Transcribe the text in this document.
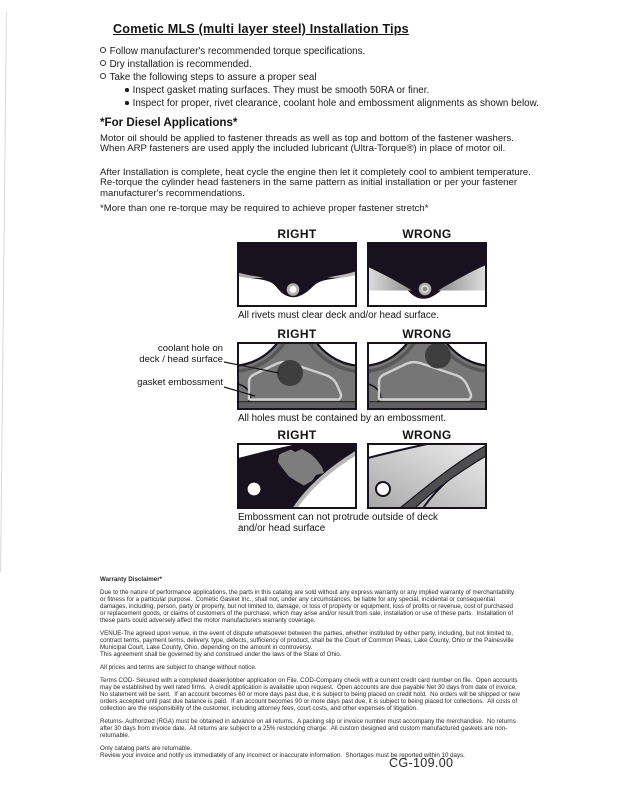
Cometic MLS (multi layer steel) Installation Tips
Follow manufacturer's recommended torque specifications.
Dry installation is recommended.
Take the following steps to assure a proper seal
Inspect gasket mating surfaces. They must be smooth 50RA or finer.
Inspect for proper, rivet clearance, coolant hole and embossment alignments as shown below.
*For Diesel Applications*
Motor oil should be applied to fastener threads as well as top and bottom of the fastener washers. When ARP fasteners are used apply the included lubricant (Ultra-Torque®) in place of motor oil.
After Installation is complete, heat cycle the engine then let it completely cool to ambient temperature. Re-torque the cylinder head fasteners in the same pattern as initial installation or per your fastener manufacturer's recommendations.
*More than one re-torque may be required to achieve proper fastener stretch*
RIGHT	WRONG
All rivets must clear deck and/or head surface.
RIGHT	WRONG
coolant hole on
deck / head surface
gasket embossment
All holes must be contained by an embossment.
RIGHT	WRONG
Embossment can not protrude outside of deck
and/or head surface

Warranty Disclaimer*

Due to the nature of performance applications, the parts in this catalog are sold without any express warranty or any implied warranty of merchantability or fitness for a particular purpose.  Cometic Gasket Inc., shall not, under any circumstances, be liable for any special, incidental or consequential damages, including, person, party or property, but not limited to, damage, or loss of property or equipment, loss of profits or revenue, cost of purchased or replacement goods, or claims of customers of the purchase, which may arise and/or result from sale, installation or use of these parts.  Installation of these parts could adversely affect the motor manufacturers warranty coverage.

VENUE-The agreed upon venue, in the event of dispute whatsoever between the parties, whether instituted by either party, including, but not limited to, contract terms, payment terms, delivery, type, defects, sufficiency of product, shall be the Court of Common Pleas, Lake County, Ohio or the Painesville Municipal Court, Lake County, Ohio, depending on the amount in controversy.

This agreement shall be governed by and construed under the laws of the State of Ohio.

All prices and terms are subject to change without notice.

Terms COD- Secured with a completed dealer/jobber application on File, COD-Company check with a current credit card number on file.  Open accounts may be established by well rated firms.  A credit application is available upon request.  Open accounts are due payable Net 30 days from date of invoice.  No statement will be sent.  If an account becomes 60 or more days past due, it is subject to being placed on credit hold.  No orders will be shipped or new orders accepted until past due balance is paid.  If an account becomes 90 or more days past due, it is subject to being placed for collections.  All costs of collection are the responsibility of the customer, including attorney fees, court costs, and other expenses of litigation.

Returns- Authorized (RGA) must be obtained in advance on all returns.  A packing slip or invoice number must accompany the merchandise.  No returns after 30 days from invoice date.  All returns are subject to a 25% restocking charge.  All custom designed and custom manufactured gaskets are non-returnable.

Only catalog parts are returnable.

Review your invoice and notify us immediately of any incorrect or inaccurate information.  Shortages must be reported within 10 days.

CG-109.00
